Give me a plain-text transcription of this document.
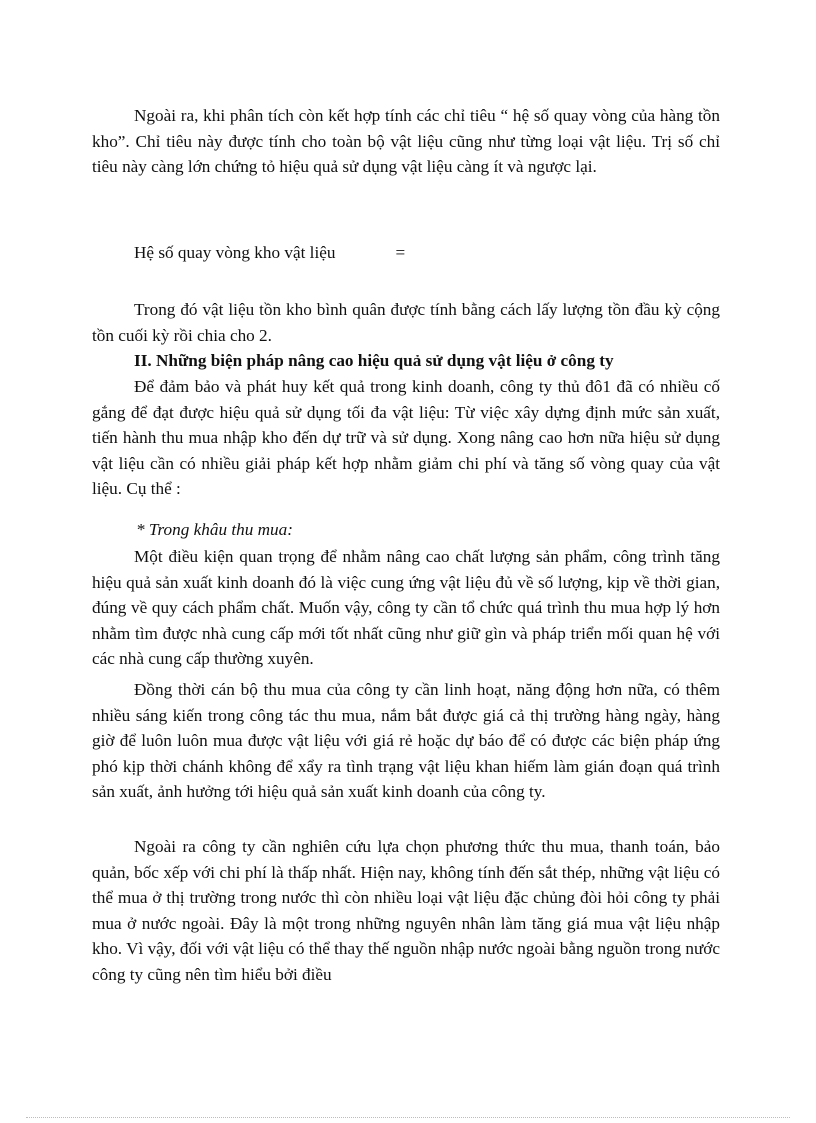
Ngoài ra, khi phân tích còn kết hợp tính các chỉ tiêu “ hệ số quay vòng của hàng tồn kho”. Chỉ tiêu này được tính cho toàn bộ vật liệu cũng như từng loại vật liệu. Trị số chỉ tiêu này càng lớn chứng tỏ hiệu quả sử dụng vật liệu càng ít và ngược lại.

Hệ số quay vòng kho vật liệu	=

Trong đó vật liệu tồn kho bình quân được tính bằng cách lấy lượng tồn đầu kỳ cộng tồn cuối kỳ rồi chia cho 2.

II. Những biện pháp nâng cao hiệu quả sử dụng vật liệu ở công ty

Để đảm bảo và phát huy kết quả trong kinh doanh, công ty thủ đô1 đã có nhiều cố gắng để đạt được hiệu quả sử dụng tối đa vật liệu: Từ việc xây dựng định mức sản xuất, tiến hành thu mua nhập kho đến dự trữ và sử dụng. Xong nâng cao hơn nữa hiệu sử dụng vật liệu cần có nhiều giải pháp kết hợp nhằm giảm chi phí và tăng số vòng quay của vật liệu. Cụ thể :

* Trong khâu thu mua:

Một điều kiện quan trọng để nhằm nâng cao chất lượng sản phẩm, công trình tăng hiệu quả sản xuất kinh doanh đó là việc cung ứng vật liệu đủ về số lượng, kịp về thời gian, đúng về quy cách phẩm chất. Muốn vậy, công ty cần tổ chức quá trình thu mua hợp lý hơn nhằm tìm được nhà cung cấp mới tốt nhất cũng như giữ gìn và pháp triển mối quan hệ với các nhà cung cấp thường xuyên.

Đồng thời cán bộ thu mua của công ty cần linh hoạt, năng động hơn nữa, có thêm nhiều sáng kiến trong công tác thu mua, nắm bắt được giá cả thị trường hàng ngày, hàng giờ để luôn luôn mua được vật liệu với giá rẻ hoặc dự báo để có được các biện pháp ứng phó kịp thời chánh không để xẩy ra tình trạng vật liệu khan hiếm làm gián đoạn quá trình sản xuất, ảnh hưởng tới hiệu quả sản xuất kinh doanh của công ty.

Ngoài ra công ty cần nghiên cứu lựa chọn phương thức thu mua, thanh toán, bảo quản, bốc xếp với chi phí là thấp nhất. Hiện nay, không tính đến sắt thép, những vật liệu có thể mua ở thị trường trong nước thì còn nhiều loại vật liệu đặc chủng đòi hỏi công ty phải mua ở nước ngoài. Đây là một trong những nguyên nhân làm tăng giá mua vật liệu nhập kho. Vì vậy, đối với vật liệu có thể thay thế nguồn nhập nước ngoài bằng nguồn trong nước công ty cũng nên tìm hiểu bởi điều
